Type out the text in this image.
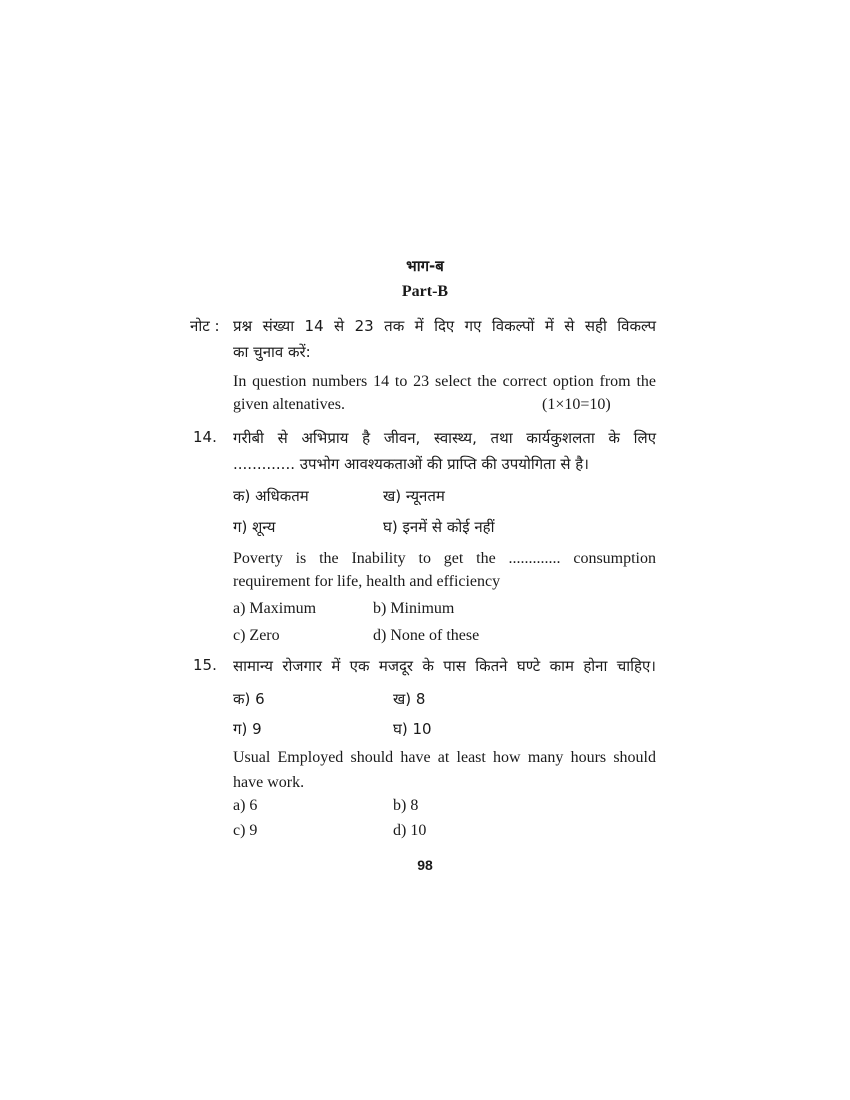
भाग-ब
Part-B
नोट : प्रश्न संख्या 14 से 23 तक में दिए गए विकल्पों में से सही विकल्प
का चुनाव करें:
In question numbers 14 to 23 select the correct option from the
given altenatives.	(1×10=10)
14. गरीबी से अभिप्राय है जीवन, स्वास्थ्य, तथा कार्यकुशलता के लिए
............. उपभोग आवश्यकताओं की प्राप्ति की उपयोगिता से है।
क) अधिकतम	ख) न्यूनतम
ग) शून्य	घ) इनमें से कोई नहीं
Poverty is the Inability to get the ............. consumption
requirement for life, health and efficiency
a) Maximum	b) Minimum
c) Zero	d) None of these
15. सामान्य रोजगार में एक मजदूर के पास कितने घण्टे काम होना चाहिए।
क) 6	ख) 8
ग) 9	घ) 10
Usual Employed should have at least how many hours should
have work.
a) 6	b) 8
c) 9	d) 10
98
